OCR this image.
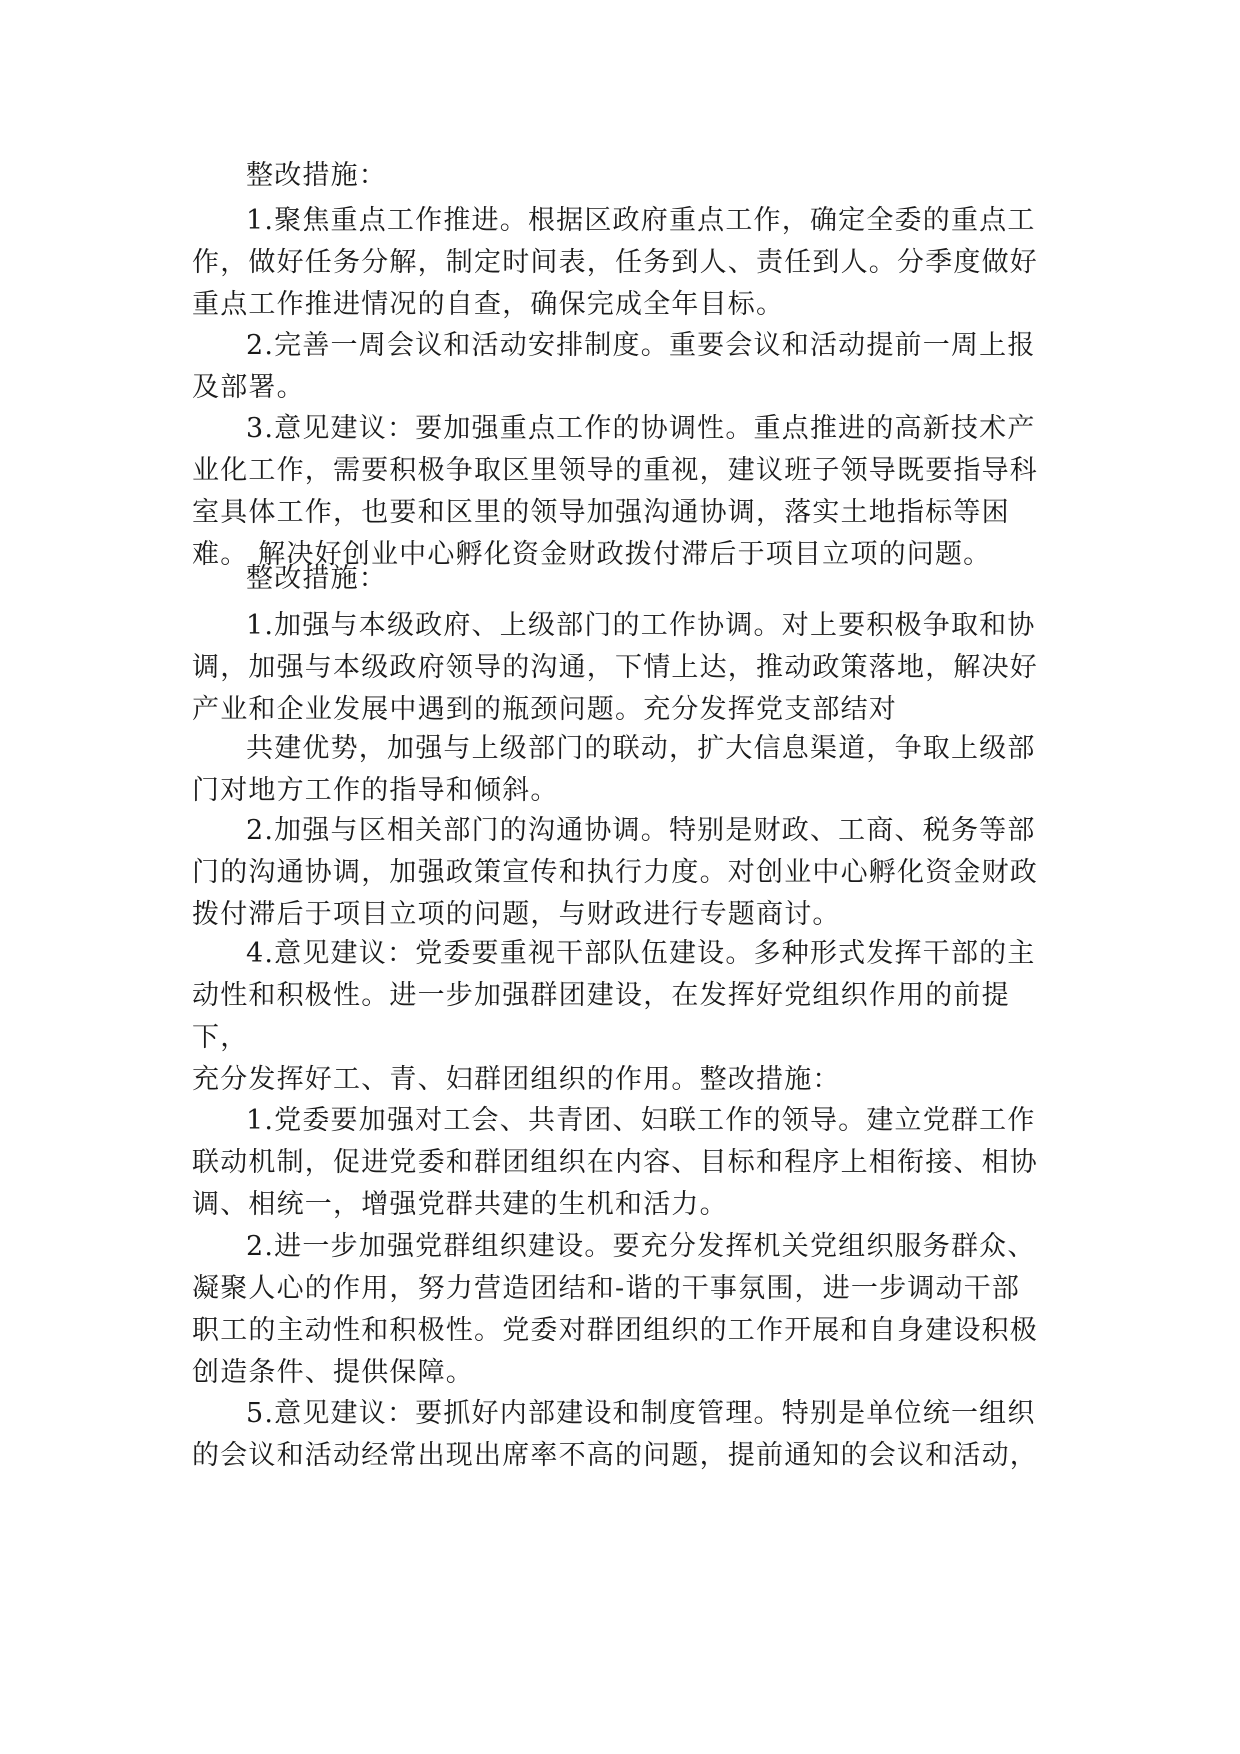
整改措施：
1.聚焦重点工作推进。根据区政府重点工作，确定全委的重点工
作，做好任务分解，制定时间表，任务到人、责任到人。分季度做好
重点工作推进情况的自查，确保完成全年目标。
2.完善一周会议和活动安排制度。重要会议和活动提前一周上报
及部署。
3.意见建议：要加强重点工作的协调性。重点推进的高新技术产
业化工作，需要积极争取区里领导的重视，建议班子领导既要指导科
室具体工作，也要和区里的领导加强沟通协调，落实土地指标等困
难。 解决好创业中心孵化资金财政拨付滞后于项目立项的问题。
整改措施：
1.加强与本级政府、上级部门的工作协调。对上要积极争取和协
调，加强与本级政府领导的沟通，下情上达，推动政策落地，解决好
产业和企业发展中遇到的瓶颈问题。充分发挥党支部结对
共建优势，加强与上级部门的联动，扩大信息渠道，争取上级部
门对地方工作的指导和倾斜。
2.加强与区相关部门的沟通协调。特别是财政、工商、税务等部
门的沟通协调，加强政策宣传和执行力度。对创业中心孵化资金财政
拨付滞后于项目立项的问题，与财政进行专题商讨。
4.意见建议：党委要重视干部队伍建设。多种形式发挥干部的主
动性和积极性。进一步加强群团建设，在发挥好党组织作用的前提
下，
充分发挥好工、青、妇群团组织的作用。整改措施：
1.党委要加强对工会、共青团、妇联工作的领导。建立党群工作
联动机制，促进党委和群团组织在内容、目标和程序上相衔接、相协
调、相统一，增强党群共建的生机和活力。
2.进一步加强党群组织建设。要充分发挥机关党组织服务群众、
凝聚人心的作用，努力营造团结和-谐的干事氛围，进一步调动干部
职工的主动性和积极性。党委对群团组织的工作开展和自身建设积极
创造条件、提供保障。
5.意见建议：要抓好内部建设和制度管理。特别是单位统一组织
的会议和活动经常出现出席率不高的问题，提前通知的会议和活动，
